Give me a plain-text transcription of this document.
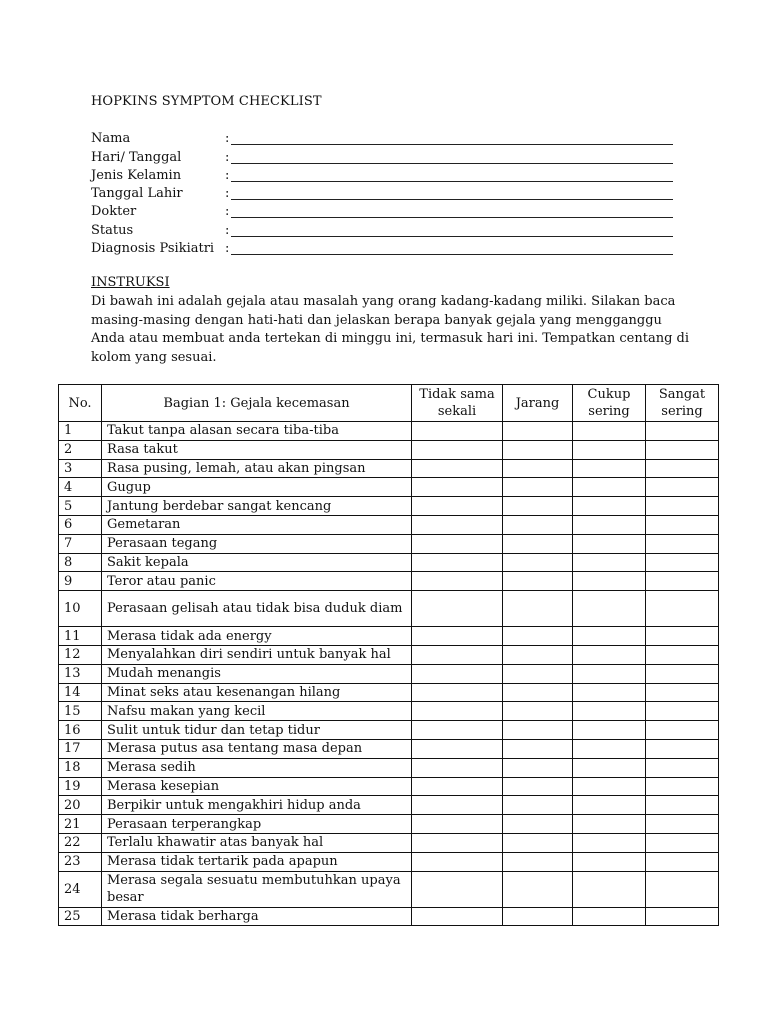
HOPKINS SYMPTOM CHECKLIST
Nama	:
Hari/ Tanggal	:
Jenis Kelamin	:
Tanggal Lahir	:
Dokter	:
Status	:
Diagnosis Psikiatri :
INSTRUKSI
Di bawah ini adalah gejala atau masalah yang orang kadang-kadang miliki. Silakan baca masing-masing dengan hati-hati dan jelaskan berapa banyak gejala yang mengganggu Anda atau membuat anda tertekan di minggu ini, termasuk hari ini. Tempatkan centang di kolom yang sesuai.
No.	Bagian 1: Gejala kecemasan	Tidak sama sekali	Jarang	Cukup sering	Sangat sering
1	Takut tanpa alasan secara tiba-tiba				
2	Rasa takut				
3	Rasa pusing, lemah, atau akan pingsan				
4	Gugup				
5	Jantung berdebar sangat kencang				
6	Gemetaran				
7	Perasaan tegang				
8	Sakit kepala				
9	Teror atau panic				
10	Perasaan gelisah atau tidak bisa duduk diam				
11	Merasa tidak ada energy				
12	Menyalahkan diri sendiri untuk banyak hal				
13	Mudah menangis				
14	Minat seks atau kesenangan hilang				
15	Nafsu makan yang kecil				
16	Sulit untuk tidur dan tetap tidur				
17	Merasa putus asa tentang masa depan				
18	Merasa sedih				
19	Merasa kesepian				
20	Berpikir untuk mengakhiri hidup anda				
21	Perasaan terperangkap				
22	Terlalu khawatir atas banyak hal				
23	Merasa tidak tertarik pada apapun				
24	Merasa segala sesuatu membutuhkan upaya besar				
25	Merasa tidak berharga				
